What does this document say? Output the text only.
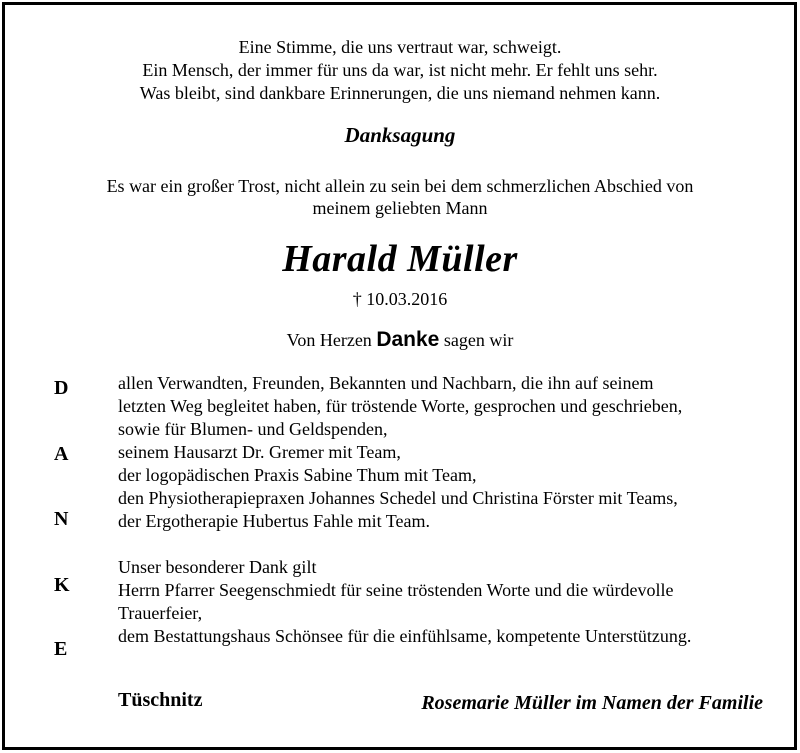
Eine Stimme, die uns vertraut war, schweigt.
Ein Mensch, der immer für uns da war, ist nicht mehr. Er fehlt uns sehr.
Was bleibt, sind dankbare Erinnerungen, die uns niemand nehmen kann.
Danksagung
Es war ein großer Trost, nicht allein zu sein bei dem schmerzlichen Abschied von
meinem geliebten Mann
Harald Müller
† 10.03.2016
Von Herzen Danke sagen wir
D
A
N
K
E
allen Verwandten, Freunden, Bekannten und Nachbarn, die ihn auf seinem
letzten Weg begleitet haben, für tröstende Worte, gesprochen und geschrieben,
sowie für Blumen- und Geldspenden,
seinem Hausarzt Dr. Gremer mit Team,
der logopädischen Praxis Sabine Thum mit Team,
den Physiotherapiepraxen Johannes Schedel und Christina Förster mit Teams,
der Ergotherapie Hubertus Fahle mit Team.
Unser besonderer Dank gilt
Herrn Pfarrer Seegenschmiedt für seine tröstenden Worte und die würdevolle
Trauerfeier,
dem Bestattungshaus Schönsee für die einfühlsame, kompetente Unterstützung.
Tüschnitz	Rosemarie Müller im Namen der Familie
